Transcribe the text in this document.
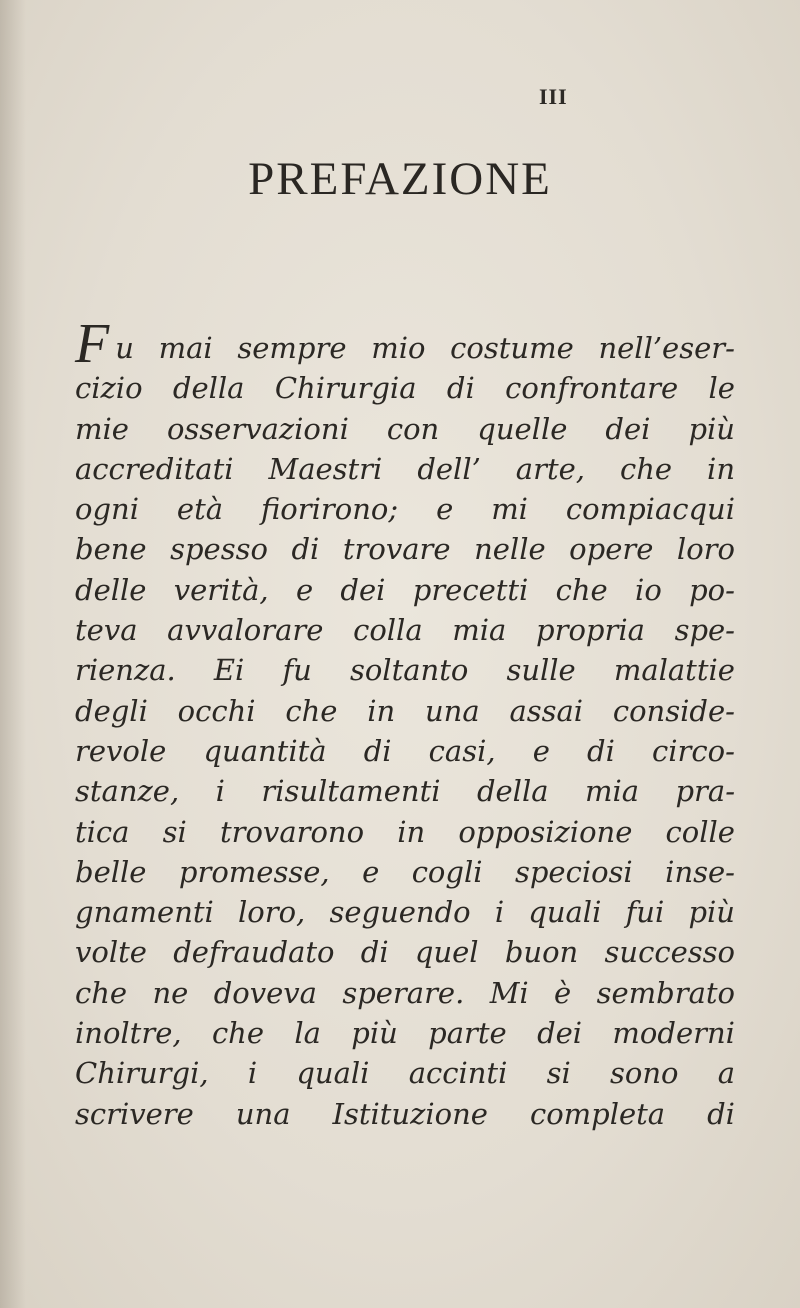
III
PREFAZIONE
F u mai sempre mio costume nell’eser-
cizio della Chirurgia di confrontare le
mie osservazioni con quelle dei più
accreditati Maestri dell’ arte, che in
ogni età fiorirono; e mi compiacqui
bene spesso di trovare nelle opere loro
delle verità, e dei precetti che io po-
teva avvalorare colla mia propria spe-
rienza. Ei fu soltanto sulle malattie
degli occhi che in una assai conside-
revole quantità di casi, e di circo-
stanze, i risultamenti della mia pra-
tica si trovarono in opposizione colle
belle promesse, e cogli speciosi inse-
gnamenti loro, seguendo i quali fui più
volte defraudato di quel buon successo
che ne doveva sperare. Mi è sembrato
inoltre, che la più parte dei moderni
Chirurgi, i quali accinti si sono a
scrivere una Istituzione completa di
